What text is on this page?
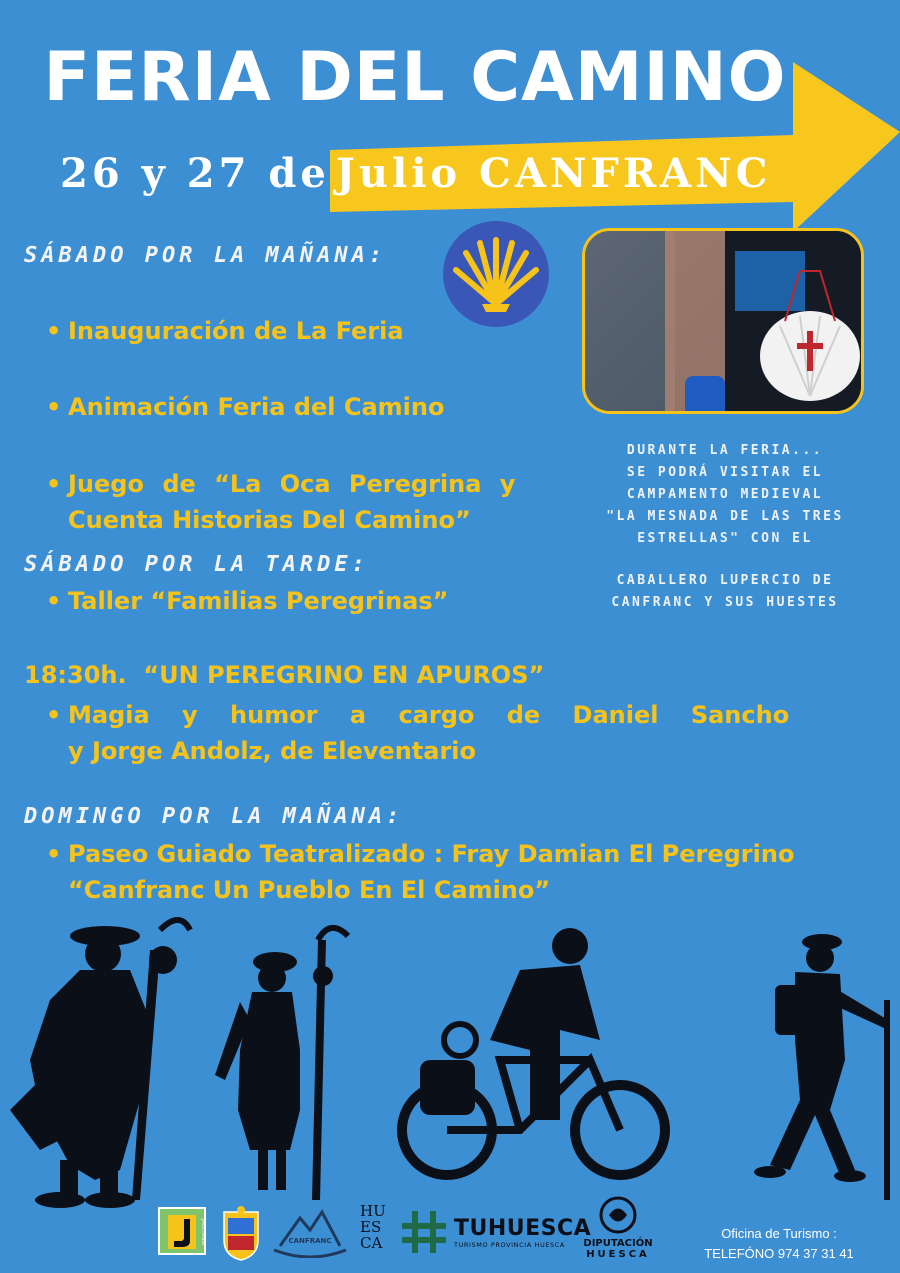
FERIA DEL CAMINO
26 y 27 de Julio CANFRANC
SÁBADO POR LA MAÑANA:
• Inauguración de La Feria
• Animación Feria del Camino
• Juego de “La Oca Peregrina y
Cuenta Historias Del Camino”
SÁBADO POR LA TARDE:
• Taller “Familias Peregrinas”
18:30h.  “UN PEREGRINO EN APUROS”
• Magia y humor a cargo de Daniel Sancho
y Jorge Andolz, de Eleventario
DOMINGO POR LA MAÑANA:
• Paseo Guiado Teatralizado : Fray Damian El Peregrino
“Canfranc Un Pueblo En El Camino”
DURANTE LA FERIA...
SE PODRÁ VISITAR EL
CAMPAMENTO MEDIEVAL
"LA MESNADA DE LAS TRES
ESTRELLAS" CON EL
CABALLERO LUPERCIO DE
CANFRANC Y SUS HUESTES
JACETANIA	CANFRANC
HU
ES
CA
TUHUESCA
TURISMO PROVINCIA HUESCA	DIPUTACIÓN
HUESCA
Oficina de Turismo :
TELEFÓNO 974 37 31 41
